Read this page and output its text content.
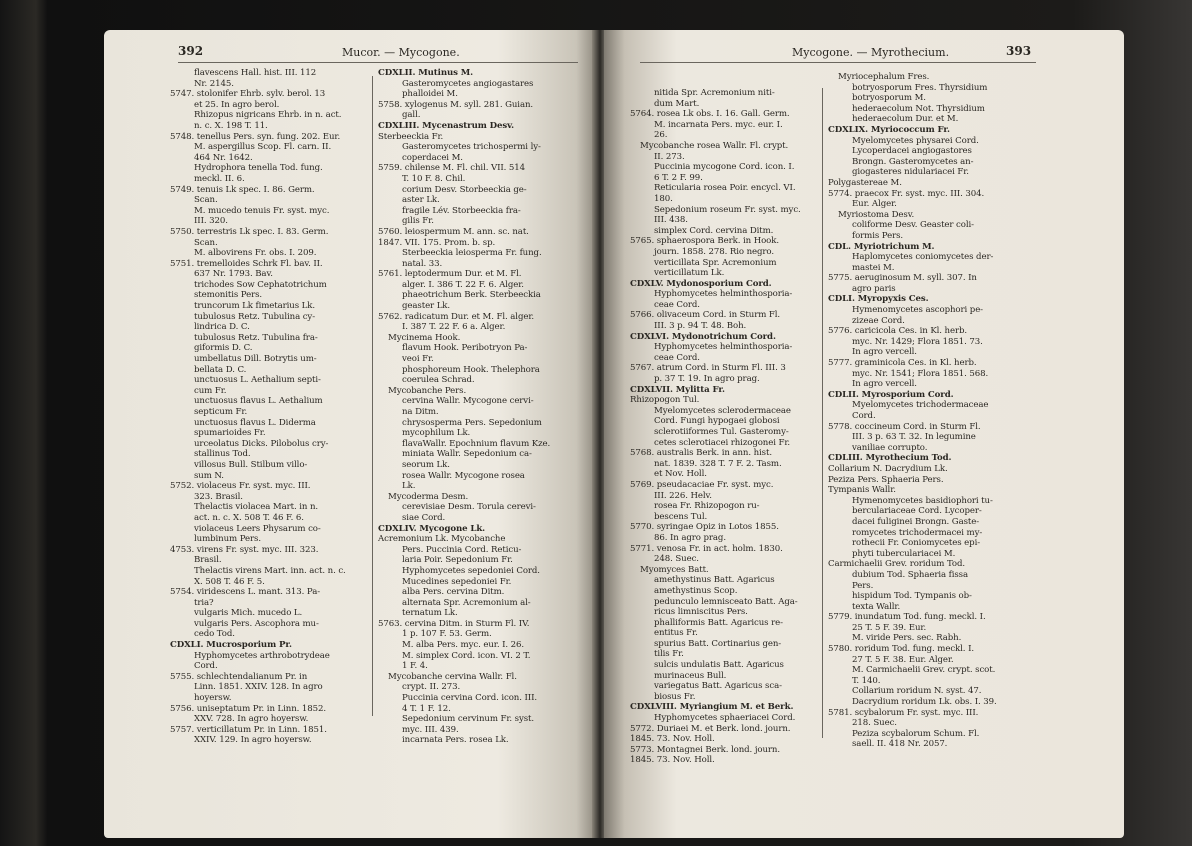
392	Mucor. — Mycogone.
flavescens Hall. hist. III. 112
Nr. 2145.
5747. stolonifer Ehrb. sylv. berol. 13
et 25. In agro berol.
Rhizopus nigricans Ehrb. in n. act.
n. c. X. 198 T. 11.
5748. tenellus Pers. syn. fung. 202. Eur.
M. aspergillus Scop. Fl. carn. II.
464 Nr. 1642.
Hydrophora tenella Tod. fung.
meckl. II. 6.
5749. tenuis Lk spec. I. 86. Germ.
Scan.
M. mucedo tenuis Fr. syst. myc.
III. 320.
5750. terrestris Lk spec. I. 83. Germ.
Scan.
M. albovirens Fr. obs. I. 209.
5751. tremelloides Schrk Fl. bav. II.
637 Nr. 1793. Bav.
trichodes Sow Cephatotrichum
stemonitis Pers.
truncorum Lk fimetarius Lk.
tubulosus Retz. Tubulina cy-
lindrica D. C.
tubulosus Retz. Tubulina fra-
giformis D. C.
umbellatus Dill. Botrytis um-
bellata D. C.
unctuosus L. Aethalium septi-
cum Fr.
unctuosus flavus L. Aethalium
septicum Fr.
unctuosus flavus L. Diderma
spumarioides Fr.
urceolatus Dicks. Pilobolus cry-
stallinus Tod.
villosus Bull. Stilbum villo-
sum N.
5752. violaceus Fr. syst. myc. III.
323. Brasil.
Thelactis violacea Mart. in n.
act. n. c. X. 508 T. 46 F. 6.
violaceus Leers Physarum co-
lumbinum Pers.
4753. virens Fr. syst. myc. III. 323.
Brasil.
Thelactis virens Mart. inn. act. n. c.
X. 508 T. 46 F. 5.
5754. viridescens L. mant. 313. Pa-
tria?
vulgaris Mich. mucedo L.
vulgaris Pers. Ascophora mu-
cedo Tod.
CDXLI. Mucrosporium Pr.
Hyphomycetes arthrobotrydeae
Cord.
5755. schlechtendalianum Pr. in
Linn. 1851. XXIV. 128. In agro
hoyersw.
5756. uniseptatum Pr. in Linn. 1852.
XXV. 728. In agro hoyersw.
5757. verticillatum Pr. in Linn. 1851.
XXIV. 129. In agro hoyersw.
CDXLII. Mutinus M.
Gasteromycetes angiogastares
phalloidei M.
5758. xylogenus M. syll. 281. Guian.
gall.
CDXLIII. Mycenastrum Desv.
Sterbeeckia Fr.
Gasteromycetes trichospermi ly-
coperdacei M.
5759. chilense M. Fl. chil. VII. 514
T. 10 F. 8. Chil.
corium Desv. Storbeeckia ge-
aster Lk.
fragile Lév. Storbeeckia fra-
gilis Fr.
5760. leiospermum M. ann. sc. nat.
1847. VII. 175. Prom. b. sp.
Sterbeeckia leiosperma Fr. fung.
natal. 33.
5761. leptodermum Dur. et M. Fl.
alger. I. 386 T. 22 F. 6. Alger.
phaeotrichum Berk. Sterbeeckia
geaster Lk.
5762. radicatum Dur. et M. Fl. alger.
I. 387 T. 22 F. 6 a. Alger.
Mycinema Hook.
flavum Hook. Peribotryon Pa-
veoi Fr.
phosphoreum Hook. Thelephora
coerulea Schrad.
Mycobanche Pers.
cervina Wallr. Mycogone cervi-
na Ditm.
chrysosperma Pers. Sepedonium
mycophilum Lk.
flavaWallr. Epochnium flavum Kze.
miniata Wallr. Sepedonium ca-
seorum Lk.
rosea Wallr. Mycogone rosea
Lk.
Mycoderma Desm.
cerevisiae Desm. Torula cerevi-
siae Cord.
CDXLIV. Mycogone Lk.
Acremonium Lk. Mycobanche
Pers. Puccinia Cord. Reticu-
laria Poir. Sepedonium Fr.
Hyphomycetes sepedoniei Cord.
Mucedines sepedoniei Fr.
alba Pers. cervina Ditm.
alternata Spr. Acremonium al-
ternatum Lk.
5763. cervina Ditm. in Sturm Fl. IV.
1 p. 107 F. 53. Germ.
M. alba Pers. myc. eur. I. 26.
M. simplex Cord. icon. VI. 2 T.
1 F. 4.
Mycobanche cervina Wallr. Fl.
crypt. II. 273.
Puccinia cervina Cord. icon. III.
4 T. 1 F. 12.
Sepedonium cervinum Fr. syst.
myc. III. 439.
incarnata Pers. rosea Lk.
Mycogone. — Myrothecium.	393
nitida Spr. Acremonium niti-
dum Mart.
5764. rosea Lk obs. I. 16. Gall. Germ.
M. incarnata Pers. myc. eur. I.
26.
Mycobanche rosea Wallr. Fl. crypt.
II. 273.
Puccinia mycogone Cord. icon. I.
6 T. 2 F. 99.
Reticularia rosea Poir. encycl. VI.
180.
Sepedonium roseum Fr. syst. myc.
III. 438.
simplex Cord. cervina Ditm.
5765. sphaerospora Berk. in Hook.
journ. 1858. 278. Rio negro.
verticillata Spr. Acremonium
verticillatum Lk.
CDXLV. Mydonosporium Cord.
Hyphomycetes helminthosporia-
ceae Cord.
5766. olivaceum Cord. in Sturm Fl.
III. 3 p. 94 T. 48. Boh.
CDXLVI. Mydonotrichum Cord.
Hyphomycetes helminthosporia-
ceae Cord.
5767. atrum Cord. in Sturm Fl. III. 3
p. 37 T. 19. In agro prag.
CDXLVII. Mylitta Fr.
Rhizopogon Tul.
Myelomycetes sclerodermaceae
Cord. Fungi hypogaei globosi
sclerotiiformes Tul. Gasteromy-
cetes sclerotiacei rhizogonei Fr.
5768. australis Berk. in ann. hist.
nat. 1839. 328 T. 7 F. 2. Tasm.
et Nov. Holl.
5769. pseudacaciae Fr. syst. myc.
III. 226. Helv.
rosea Fr. Rhizopogon ru-
bescens Tul.
5770. syringae Opiz in Lotos 1855.
86. In agro prag.
5771. venosa Fr. in act. holm. 1830.
248. Suec.
Myomyces Batt.
amethystinus Batt. Agaricus
amethystinus Scop.
pedunculo lemnisceato Batt. Aga-
ricus limniscitus Pers.
phalliformis Batt. Agaricus re-
entitus Fr.
spurius Batt. Cortinarius gen-
tilis Fr.
sulcis undulatis Batt. Agaricus
murinaceus Bull.
variegatus Batt. Agaricus sca-
biosus Fr.
CDXLVIII. Myriangium M. et Berk.
Hyphomycetes sphaeriacei Cord.
5772. Duriaei M. et Berk. lond. journ.
1845. 73. Nov. Holl.
5773. Montagnei Berk. lond. journ.
1845. 73. Nov. Holl.
Myriocephalum Fres.
botryosporum Fres. Thyrsidium
botryosporum M.
hederaecolum Not. Thyrsidium
hederaecolum Dur. et M.
CDXLIX. Myriococcum Fr.
Myelomycetes physarei Cord.
Lycoperdacei angiogastores
Brongn. Gasteromycetes an-
giogasteres nidulariacei Fr.
Polygastereae M.
5774. praecox Fr. syst. myc. III. 304.
Eur. Alger.
Myriostoma Desv.
coliforme Desv. Geaster coli-
formis Pers.
CDL. Myriotrichum M.
Haplomycetes coniomycetes der-
mastei M.
5775. aeruginosum M. syll. 307. In
agro paris
CDLI. Myropyxis Ces.
Hymenomycetes ascophori pe-
zizeae Cord.
5776. caricicola Ces. in Kl. herb.
myc. Nr. 1429; Flora 1851. 73.
In agro vercell.
5777. graminicola Ces. in Kl. herb.
myc. Nr. 1541; Flora 1851. 568.
In agro vercell.
CDLII. Myrosporium Cord.
Myelomycetes trichodermaceae
Cord.
5778. coccineum Cord. in Sturm Fl.
III. 3 p. 63 T. 32. In legumine
vaniliae corrupto.
CDLIII. Myrothecium Tod.
Collarium N. Dacrydium Lk.
Peziza Pers. Sphaeria Pers.
Tympanis Wallr.
Hymenomycetes basidiophori tu-
berculariaceae Cord. Lycoper-
dacei fuliginei Brongn. Gaste-
romycetes trichodermacei my-
rothecii Fr. Coniomycetes epi-
phyti tuberculariacei M.
Carmichaelii Grev. roridum Tod.
dubium Tod. Sphaeria fissa
Pers.
hispidum Tod. Tympanis ob-
texta Wallr.
5779. inundatum Tod. fung. meckl. I.
25 T. 5 F. 39. Eur.
M. viride Pers. sec. Rabh.
5780. roridum Tod. fung. meckl. I.
27 T. 5 F. 38. Eur. Alger.
M. Carmichaelii Grev. crypt. scot.
T. 140.
Collarium roridum N. syst. 47.
Dacrydium roridum Lk. obs. I. 39.
5781. scybalorum Fr. syst. myc. III.
218. Suec.
Peziza scybalorum Schum. Fl.
saell. II. 418 Nr. 2057.
